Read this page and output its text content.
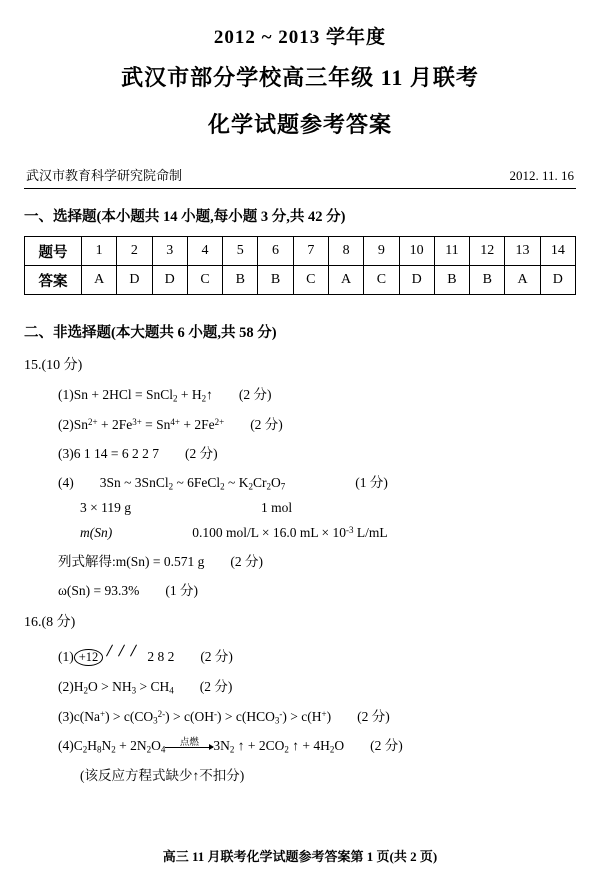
2012 ~ 2013 学年度
武汉市部分学校高三年级 11 月联考
化学试题参考答案
武汉市教育科学研究院命制	2012. 11. 16
一、选择题(本小题共 14 小题,每小题 3 分,共 42 分)
题号	1	2	3	4	5	6	7	8	9	10	11	12	13	14
答案	A	D	D	C	B	B	C	A	C	D	B	B	A	D
二、非选择题(本大题共 6 小题,共 58 分)
15.(10 分)
(1)Sn + 2HCl = SnCl$_2$ + $H_2↑$ (2 分)
$(2)Sn^{2+} + 2Fe^{3+} = Sn^{4+} + 2Fe^{2+}$ (2 分)
(3)6 1 14 = 6 2 2 7 (2 分)
(4) 3Sn ~ 3SnCl$_2$ ~ 6FeCl$_2$ ~ $K_2Cr_2O_7$	(1 分)
3 × 119 g	1 mol
m(Sn)	0.100 mol/L × 16.0 mL × $10^{-3}$ L/mL
列式解得:m(Sn) = 0.571 g (2 分)
ω(Sn) = 93.3% (1 分)
16.(8 分)
(1) +12	2 8 2 (2 分)
$(2)H_2O > NH_3 > CH_4$ (2 分)
$(3)c(Na^+) > c(CO_3^{2-}) > c(OH^-) > c(HCO_3^-) > c(H^+)$ (2 分)
$(4)C_2H_8N_2 + 2N_2O_4$
点燃 $3N_2$ ↑ + $2CO_2$ ↑ + $4H_2O$ (2 分)
(该反应方程式缺少↑不扣分)
高三 11 月联考化学试题参考答案第 1 页(共 2 页)
